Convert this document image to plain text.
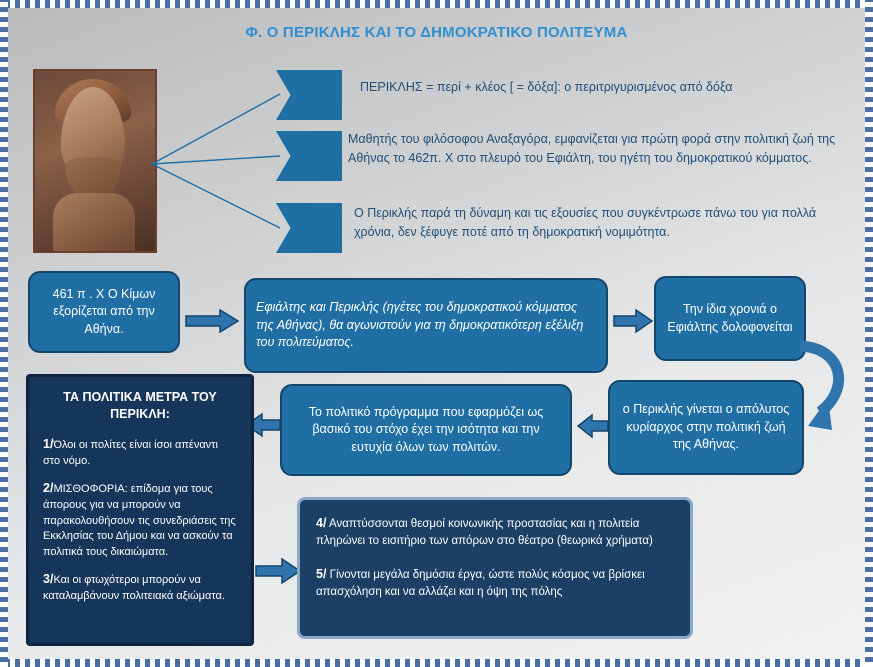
Φ. Ο ΠΕΡΙΚΛΗΣ ΚΑΙ ΤΟ ΔΗΜΟΚΡΑΤΙΚΟ ΠΟΛΙΤΕΥΜΑ
ΠΕΡΙΚΛΗΣ = περί + κλέος [ = δόξα]: ο περιτριγυρισμένος από δόξα
Μαθητής του φιλόσοφου Αναξαγόρα, εμφανίζεται για πρώτη φορά στην πολιτική ζωή της Αθήνας το 462π. Χ στο πλευρό του Εφιάλτη, του ηγέτη του δημοκρατικού κόμματος.
Ο Περικλής παρά τη δύναμη και τις εξουσίες που συγκέντρωσε πάνω του για πολλά χρόνια, δεν ξέφυγε ποτέ από τη δημοκρατική νομιμότητα.
461 π . Χ Ο Κίμων εξορίζεται από την Αθήνα.
Εφιάλτης και Περικλής (ηγέτες του δημοκρατικού κόμματος της Αθήνας), θα αγωνιστούν για τη δημοκρατικότερη εξέλιξη του πολιτεύματος.
Την ίδια χρονιά ο Εφιάλτης δολοφονείται
ο Περικλής γίνεται ο απόλυτος κυρίαρχος στην πολιτική ζωή της Αθήνας.
Το πολιτικό πρόγραμμα που εφαρμόζει ως βασικό του στόχο έχει την ισότητα και την ευτυχία όλων των πολιτών.
ΤΑ ΠΟΛΙΤΙΚΑ ΜΕΤΡΑ ΤΟΥ ΠΕΡΙΚΛΗ:

1/Όλοι οι πολίτες είναι ίσοι απέναντι στο νόμο.

2/ΜΙΣΘΟΦΟΡΙΑ: επίδομα για τους άπορους για να μπορούν να παρακολουθήσουν τις συνεδριάσεις της Εκκλησίας του Δήμου και να ασκούν τα πολιτικά τους δικαιώματα.

3/Και οι φτωχότεροι μπορούν να καταλαμβάνουν πολιτειακά αξιώματα.

4/ Αναπτύσσονται θεσμοί κοινωνικής προστασίας και η πολιτεία πληρώνει το εισιτήριο των απόρων στο θέατρο (θεωρικά χρήματα)

5/ Γίνονται μεγάλα δημόσια έργα, ώστε πολύς κόσμος να βρίσκει απασχόληση και να αλλάζει και η όψη της πόλης
